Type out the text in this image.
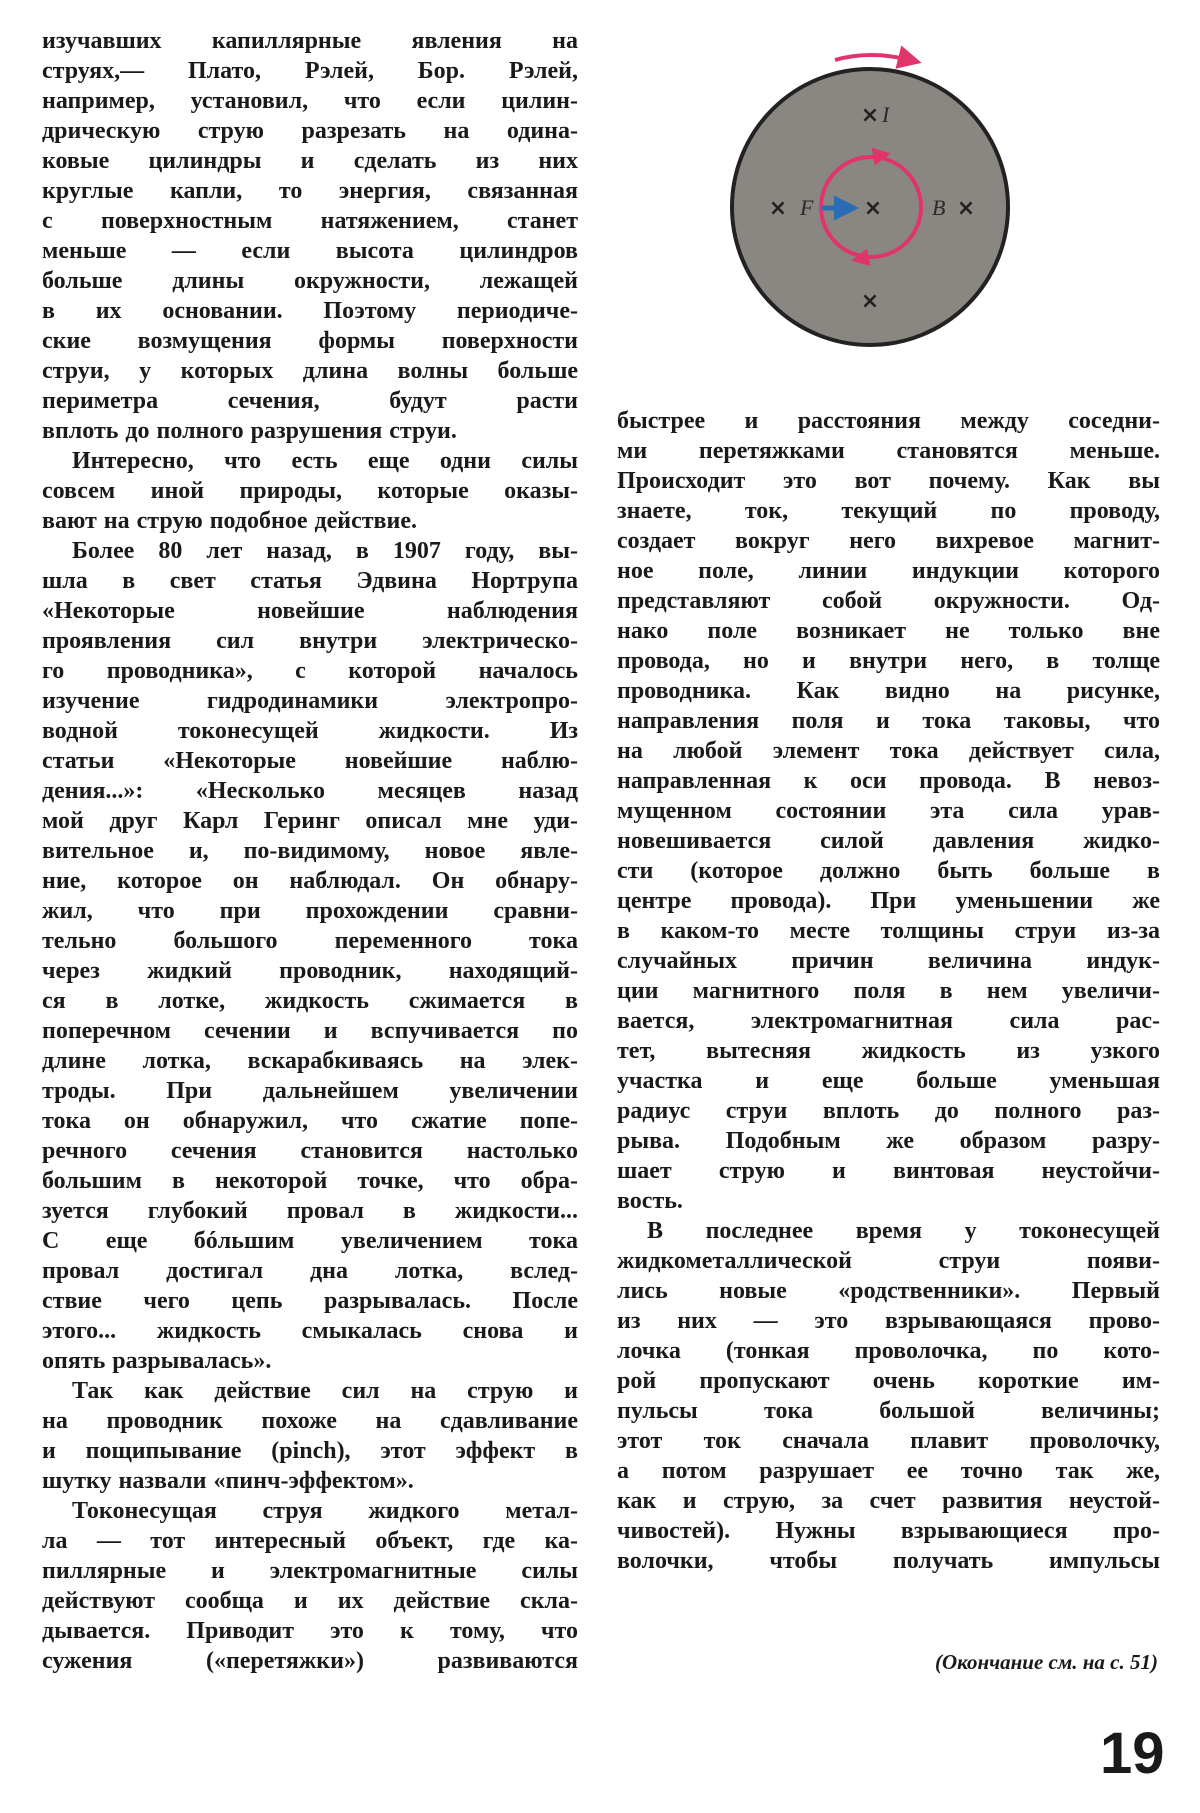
изучавших капиллярные явления на
струях,— Плато, Рэлей, Бор. Рэлей,
например, установил, что если цилин-
дрическую струю разрезать на одина-
ковые цилиндры и сделать из них
круглые капли, то энергия, связанная
с поверхностным натяжением, станет
меньше — если высота цилиндров
больше длины окружности, лежащей
в их основании. Поэтому периодиче-
ские возмущения формы поверхности
струи, у которых длина волны больше
периметра сечения, будут расти
вплоть до полного разрушения струи.
Интересно, что есть еще одни силы
совсем иной природы, которые оказы-
вают на струю подобное действие.
Более 80 лет назад, в 1907 году, вы-
шла в свет статья Эдвина Нортрупа
«Некоторые новейшие наблюдения
проявления сил внутри электрическо-
го проводника», с которой началось
изучение гидродинамики электропро-
водной токонесущей жидкости. Из
статьи «Некоторые новейшие наблю-
дения...»: «Несколько месяцев назад
мой друг Карл Геринг описал мне уди-
вительное и, по-видимому, новое явле-
ние, которое он наблюдал. Он обнару-
жил, что при прохождении сравни-
тельно большого переменного тока
через жидкий проводник, находящий-
ся в лотке, жидкость сжимается в
поперечном сечении и вспучивается по
длине лотка, вскарабкиваясь на элек-
троды. При дальнейшем увеличении
тока он обнаружил, что сжатие попе-
речного сечения становится настолько
большим в некоторой точке, что обра-
зуется глубокий провал в жидкости...
С еще бóльшим увеличением тока
провал достигал дна лотка, вслед-
ствие чего цепь разрывалась. После
этого... жидкость смыкалась снова и
опять разрывалась».
Так как действие сил на струю и
на проводник похоже на сдавливание
и пощипывание (pinch), этот эффект в
шутку назвали «пинч-эффектом».
Токонесущая струя жидкого метал-
ла — тот интересный объект, где ка-
пиллярные и электромагнитные силы
действуют сообща и их действие скла-
дывается. Приводит это к тому, что
сужения («перетяжки») развиваются
быстрее и расстояния между соседни-
ми перетяжками становятся меньше.
Происходит это вот почему. Как вы
знаете, ток, текущий по проводу,
создает вокруг него вихревое магнит-
ное поле, линии индукции которого
представляют собой окружности. Од-
нако поле возникает не только вне
провода, но и внутри него, в толще
проводника. Как видно на рисунке,
направления поля и тока таковы, что
на любой элемент тока действует сила,
направленная к оси провода. В невоз-
мущенном состоянии эта сила урав-
новешивается силой давления жидко-
сти (которое должно быть больше в
центре провода). При уменьшении же
в каком-то месте толщины струи из-за
случайных причин величина индук-
ции магнитного поля в нем увеличи-
вается, электромагнитная сила рас-
тет, вытесняя жидкость из узкого
участка и еще больше уменьшая
радиус струи вплоть до полного раз-
рыва. Подобным же образом разру-
шает струю и винтовая неустойчи-
вость.
В последнее время у токонесущей
жидкометаллической струи появи-
лись новые «родственники». Первый
из них — это взрывающаяся прово-
лочка (тонкая проволочка, по кото-
рой пропускают очень короткие им-
пульсы тока большой величины;
этот ток сначала плавит проволочку,
а потом разрушает ее точно так же,
как и струю, за счет развития неустой-
чивостей). Нужны взрывающиеся про-
волочки, чтобы получать импульсы
×
×	×	×
×
I
F	B
(Окончание см. на с. 51)
19
